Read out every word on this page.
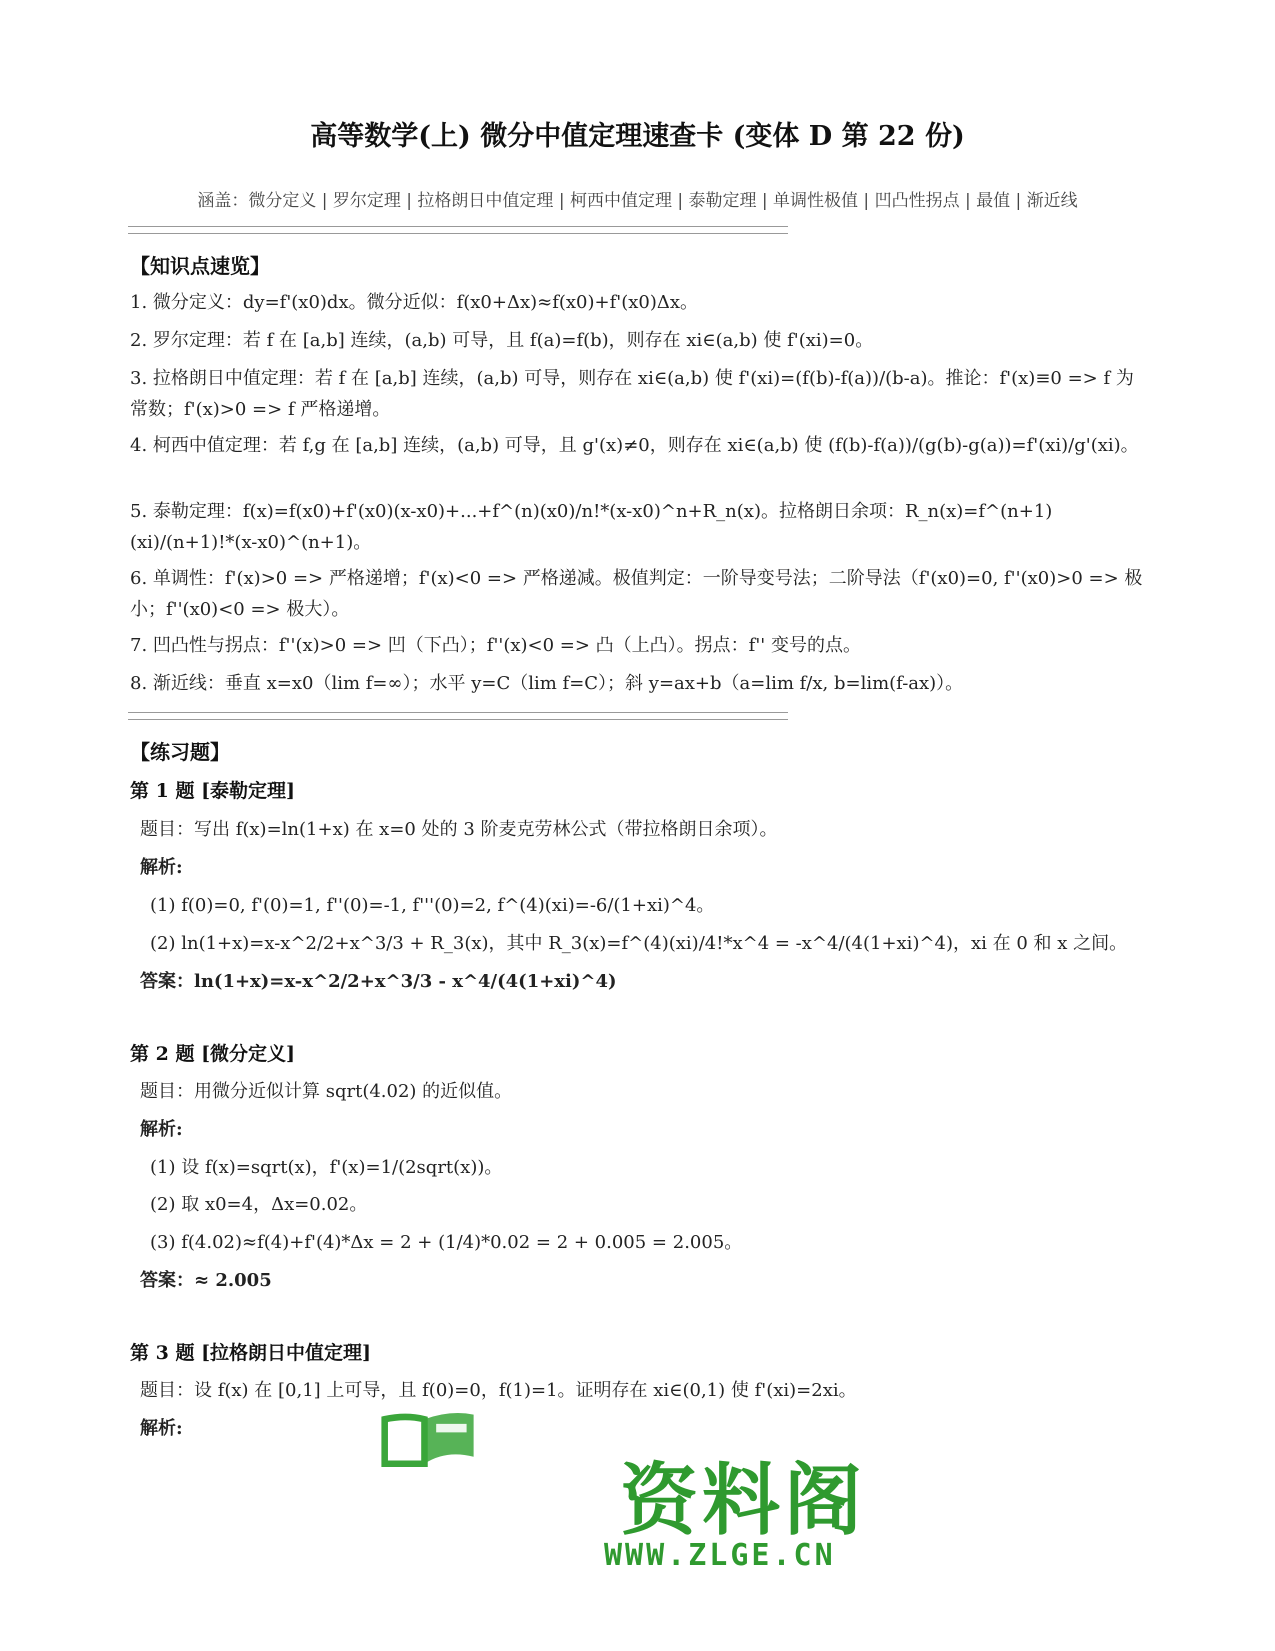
高等数学(上) 微分中值定理速查卡 (变体 D 第 22 份)
涵盖：微分定义 | 罗尔定理 | 拉格朗日中值定理 | 柯西中值定理 | 泰勒定理 | 单调性极值 | 凹凸性拐点 | 最值 | 渐近线
【知识点速览】
1. 微分定义：dy=f'(x0)dx。微分近似：f(x0+Δx)≈f(x0)+f'(x0)Δx。
2. 罗尔定理：若 f 在 [a,b] 连续，(a,b) 可导，且 f(a)=f(b)，则存在 xi∈(a,b) 使 f'(xi)=0。
3. 拉格朗日中值定理：若 f 在 [a,b] 连续，(a,b) 可导，则存在 xi∈(a,b) 使 f'(xi)=(f(b)-f(a))/(b-a)。推论：f'(x)≡0 => f 为常数；f'(x)>0 => f 严格递增。
4. 柯西中值定理：若 f,g 在 [a,b] 连续，(a,b) 可导，且 g'(x)≠0，则存在 xi∈(a,b) 使 (f(b)-f(a))/(g(b)-g(a))=f'(xi)/g'(xi)。
5. 泰勒定理：f(x)=f(x0)+f'(x0)(x-x0)+...+f^(n)(x0)/n!*(x-x0)^n+R_n(x)。拉格朗日余项：R_n(x)=f^(n+1)(xi)/(n+1)!*(x-x0)^(n+1)。
6. 单调性：f'(x)>0 => 严格递增；f'(x)<0 => 严格递减。极值判定：一阶导变号法；二阶导法（f'(x0)=0, f''(x0)>0 => 极小；f''(x0)<0 => 极大）。
7. 凹凸性与拐点：f''(x)>0 => 凹（下凸）；f''(x)<0 => 凸（上凸）。拐点：f'' 变号的点。
8. 渐近线：垂直 x=x0（lim f=∞）；水平 y=C（lim f=C）；斜 y=ax+b（a=lim f/x, b=lim(f-ax)）。
【练习题】
第 1 题 [泰勒定理]
题目：写出 f(x)=ln(1+x) 在 x=0 处的 3 阶麦克劳林公式（带拉格朗日余项）。
解析:
(1) f(0)=0, f'(0)=1, f''(0)=-1, f'''(0)=2, f^(4)(xi)=-6/(1+xi)^4。
(2) ln(1+x)=x-x^2/2+x^3/3 + R_3(x)，其中 R_3(x)=f^(4)(xi)/4!*x^4 = -x^4/(4(1+xi)^4)，xi 在 0 和 x 之间。
答案：ln(1+x)=x-x^2/2+x^3/3 - x^4/(4(1+xi)^4)
第 2 题 [微分定义]
题目：用微分近似计算 sqrt(4.02) 的近似值。
解析:
(1) 设 f(x)=sqrt(x)，f'(x)=1/(2sqrt(x))。
(2) 取 x0=4，Δx=0.02。
(3) f(4.02)≈f(4)+f'(4)*Δx = 2 + (1/4)*0.02 = 2 + 0.005 = 2.005。
答案：≈ 2.005
第 3 题 [拉格朗日中值定理]
题目：设 f(x) 在 [0,1] 上可导，且 f(0)=0，f(1)=1。证明存在 xi∈(0,1) 使 f'(xi)=2xi。
解析:
资料阁
WWW.ZLGE.CN
